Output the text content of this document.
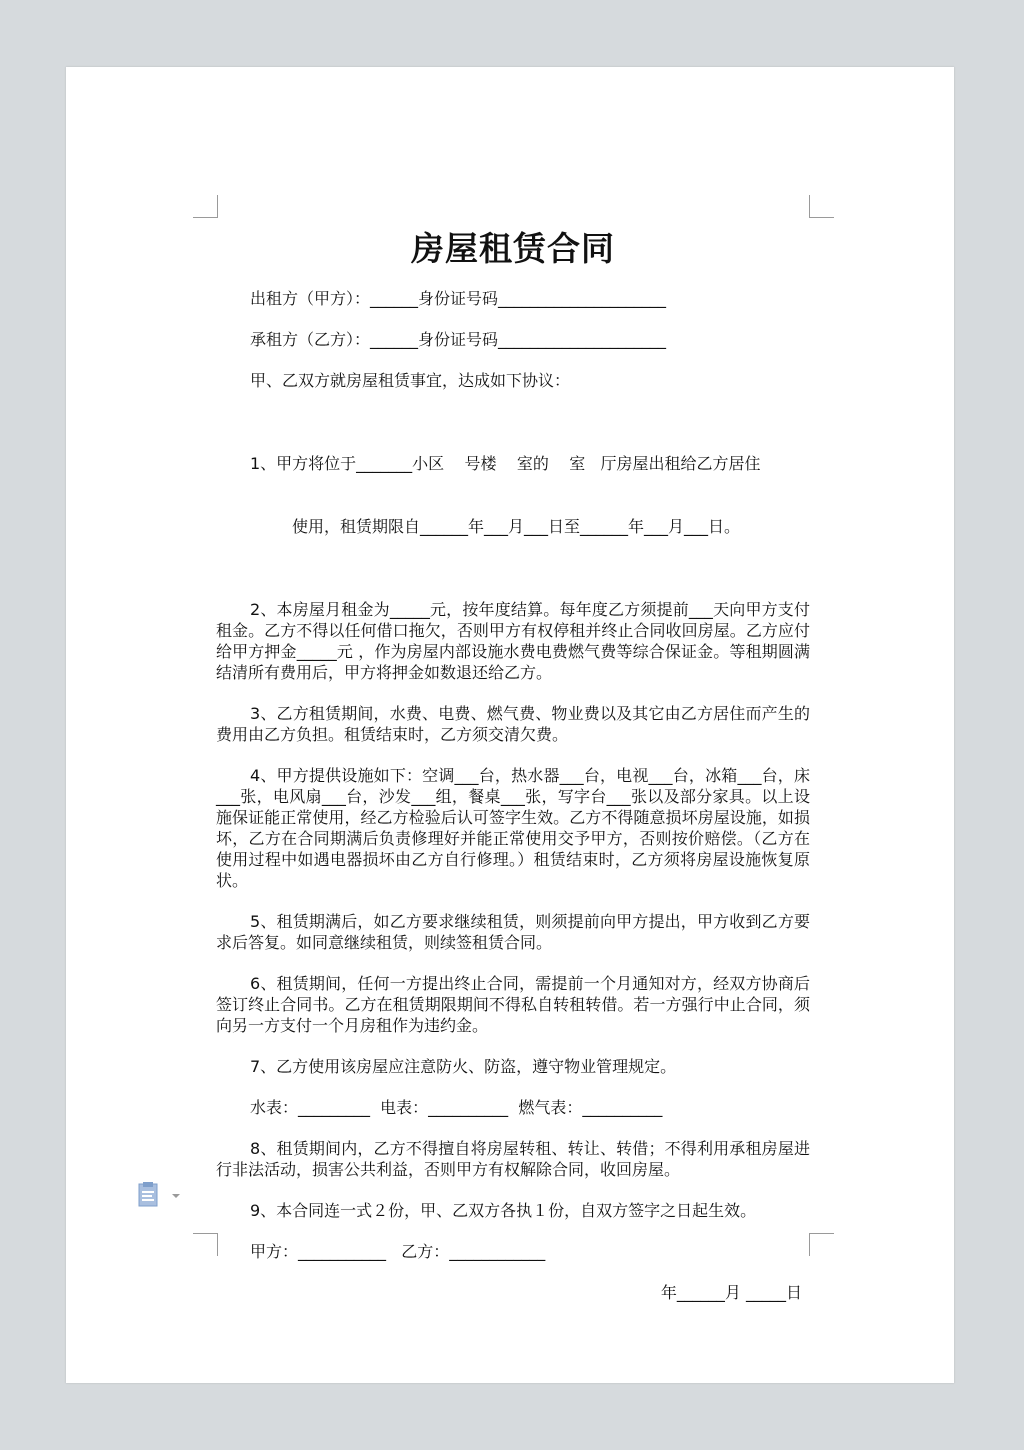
房屋租赁合同
出租方（甲方）：______身份证号码_____________________
承租方（乙方）：______身份证号码_____________________
甲、乙双方就房屋租赁事宜，达成如下协议：

1、甲方将位于_______小区    号楼    室的    室   厅房屋出租给乙方居住

使用，租赁期限自______年___月___日至______年___月___日。

2、本房屋月租金为_____元，按年度结算。每年度乙方须提前___天向甲方支付租金。乙方不得以任何借口拖欠，否则甲方有权停租并终止合同收回房屋。乙方应付给甲方押金_____元 ，作为房屋内部设施水费电费燃气费等综合保证金。等租期圆满结清所有费用后，甲方将押金如数退还给乙方。

3、乙方租赁期间，水费、电费、燃气费、物业费以及其它由乙方居住而产生的费用由乙方负担。租赁结束时，乙方须交清欠费。

4、甲方提供设施如下：空调___台，热水器___台，电视___台，冰箱___台，床___张，电风扇___台，沙发___组，餐桌___张，写字台___张以及部分家具。以上设施保证能正常使用，经乙方检验后认可签字生效。乙方不得随意损坏房屋设施，如损坏，乙方在合同期满后负责修理好并能正常使用交予甲方，否则按价赔偿。（乙方在使用过程中如遇电器损坏由乙方自行修理。）租赁结束时，乙方须将房屋设施恢复原状。

5、租赁期满后，如乙方要求继续租赁，则须提前向甲方提出，甲方收到乙方要求后答复。如同意继续租赁，则续签租赁合同。

6、租赁期间，任何一方提出终止合同，需提前一个月通知对方，经双方协商后签订终止合同书。乙方在租赁期限期间不得私自转租转借。若一方强行中止合同，须向另一方支付一个月房租作为违约金。

7、乙方使用该房屋应注意防火、防盗，遵守物业管理规定。

水表：_________  电表：__________  燃气表：__________

8、租赁期间内，乙方不得擅自将房屋转租、转让、转借；不得利用承租房屋进行非法活动，损害公共利益，否则甲方有权解除合同，收回房屋。

9、本合同连一式２份，甲、乙双方各执１份，自双方签字之日起生效。

甲方：___________   乙方：____________
年______月 _____日
